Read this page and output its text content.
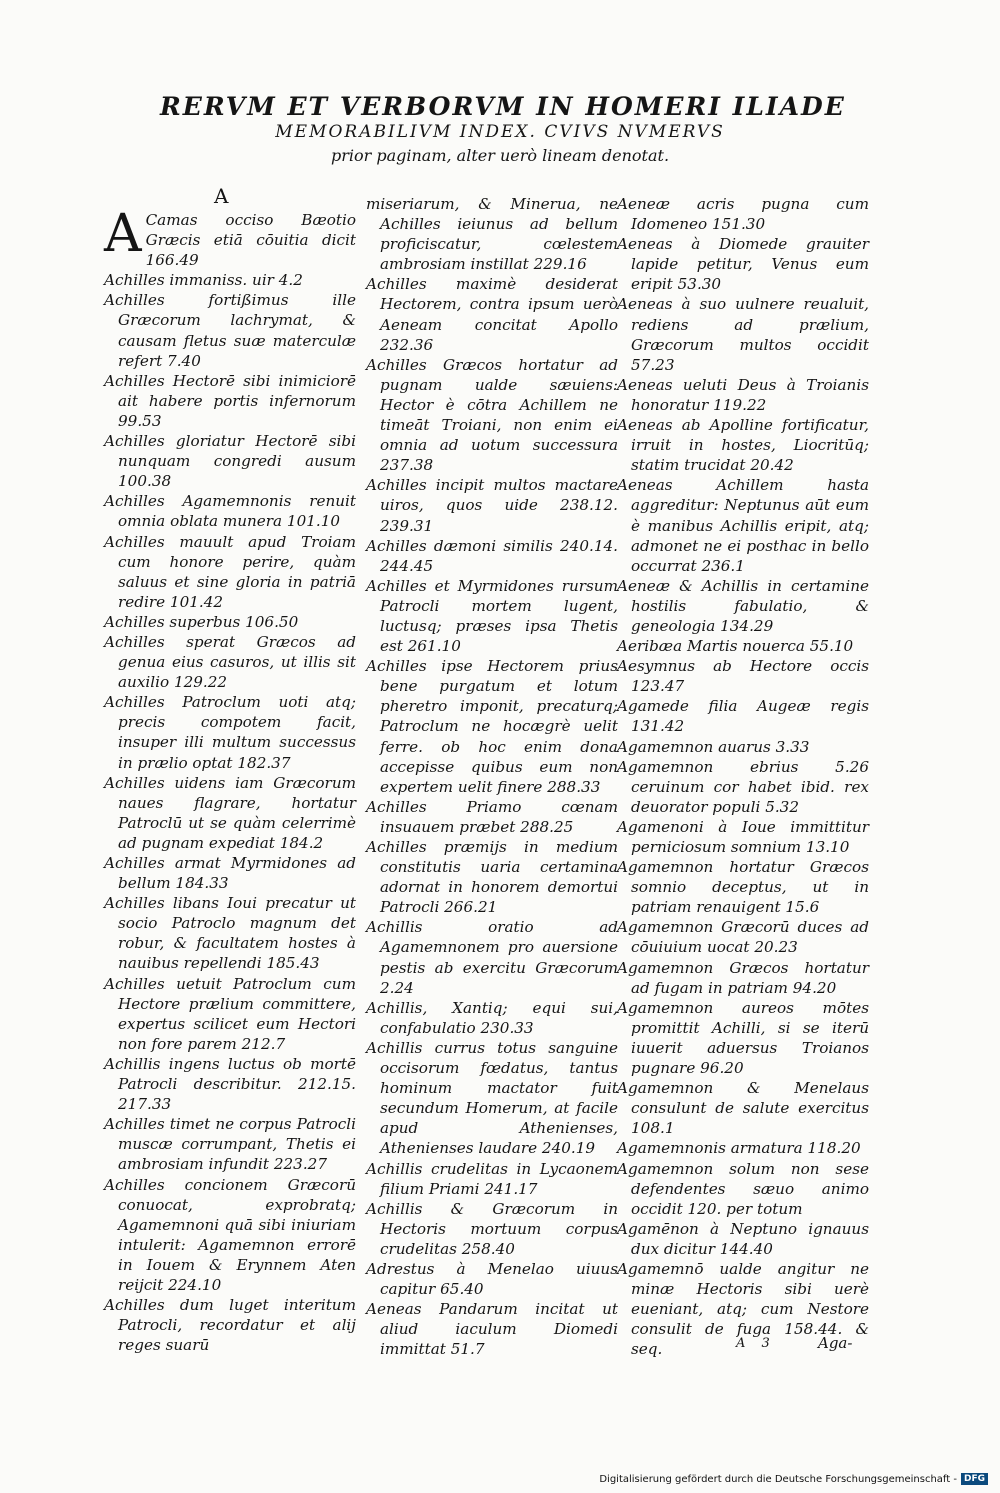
RERVM ET VERBORVM IN HOMERI ILIADE
MEMORABILIVM INDEX. CVIVS NVMERVS
prior paginam, alter uerò lineam denotat.
A

A Camas occiso Bæotio Græcis etiā cōuitia dicit 166.49

Achilles immaniss. uir 4.2

Achilles fortißimus ille Græcorum lachrymat, & causam fletus suæ materculæ refert 7.40

Achilles Hectorē sibi inimiciorē ait habere portis infernorum 99.53

Achilles gloriatur Hectorē sibi nunquam congredi ausum 100.38

Achilles Agamemnonis renuit omnia oblata munera 101.10

Achilles mauult apud Troiam cum honore perire, quàm saluus et sine gloria in patriā redire 101.42

Achilles superbus 106.50

Achilles sperat Græcos ad genua eius casuros, ut illis sit auxilio 129.22

Achilles Patroclum uoti atq; precis compotem facit, insuper illi multum successus in prælio optat 182.37

Achilles uidens iam Græcorum naues flagrare, hortatur Patroclū ut se quàm celerrimè ad pugnam expediat 184.2

Achilles armat Myrmidones ad bellum 184.33

Achilles libans Ioui precatur ut socio Patroclo magnum det robur, & facultatem hostes à nauibus repellendi 185.43

Achilles uetuit Patroclum cum Hectore prælium committere, expertus scilicet eum Hectori non fore parem 212.7

Achillis ingens luctus ob mortē Patrocli describitur. 212.15. 217.33

Achilles timet ne corpus Patrocli muscæ corrumpant, Thetis ei ambrosiam infundit 223.27

Achilles concionem Græcorū conuocat, exprobratq; Agamemnoni quā sibi iniuriam intulerit: Agamemnon errorē in Iouem & Erynnem Aten reijcit 224.10

Achilles dum luget interitum Patrocli, recordatur et alij reges suarū

miseriarum, & Minerua, ne Achilles ieiunus ad bellum proficiscatur, cœlestem ambrosiam instillat 229.16

Achilles maximè desiderat Hectorem, contra ipsum uerò Aeneam concitat Apollo 232.36

Achilles Græcos hortatur ad pugnam ualde sæuiens: Hector è cōtra Achillem ne timeāt Troiani, non enim ei omnia ad uotum successura 237.38

Achilles incipit multos mactare uiros, quos uide 238.12. 239.31

Achilles dæmoni similis 240.14. 244.45

Achilles et Myrmidones rursum Patrocli mortem lugent, luctusq; præses ipsa Thetis est 261.10

Achilles ipse Hectorem prius bene purgatum et lotum pheretro imponit, precaturq; Patroclum ne hocægrè uelit ferre. ob hoc enim dona accepisse quibus eum non expertem uelit finere 288.33

Achilles Priamo cœnam insuauem præbet 288.25

Achilles præmijs in medium constitutis uaria certamina adornat in honorem demortui Patrocli 266.21

Achillis oratio ad Agamemnonem pro auersione pestis ab exercitu Græcorum 2.24

Achillis, Xantiq; equi sui, confabulatio 230.33

Achillis currus totus sanguine occisorum fœdatus, tantus hominum mactator fuit secundum Homerum, at facile apud Athenienses, Athenienses laudare 240.19

Achillis crudelitas in Lycaonem filium Priami 241.17

Achillis & Græcorum in Hectoris mortuum corpus crudelitas 258.40

Adrestus à Menelao uiuus capitur 65.40

Aeneas Pandarum incitat ut aliud iaculum Diomedi immittat 51.7

Aeneæ acris pugna cum Idomeneo 151.30

Aeneas à Diomede grauiter lapide petitur, Venus eum eripit 53.30

Aeneas à suo uulnere reualuit, rediens ad prælium, Græcorum multos occidit 57.23

Aeneas ueluti Deus à Troianis honoratur 119.22

Aeneas ab Apolline fortificatur, irruit in hostes, Liocritūq; statim trucidat 20.42

Aeneas Achillem hasta aggreditur: Neptunus aūt eum è manibus Achillis eripit, atq; admonet ne ei posthac in bello occurrat 236.1

Aeneæ & Achillis in certamine hostilis fabulatio, & geneologia 134.29

Aeribæa Martis nouerca 55.10

Aesymnus ab Hectore occis 123.47

Agamede filia Augeæ regis 131.42

Agamemnon auarus 3.33

Agamemnon ebrius 5.26 ceruinum cor habet ibid. rex deuorator populi 5.32

Agamenoni à Ioue immittitur perniciosum somnium 13.10

Agamemnon hortatur Græcos somnio deceptus, ut in patriam renauigent 15.6

Agamemnon Græcorū duces ad cōuiuium uocat 20.23

Agamemnon Græcos hortatur ad fugam in patriam 94.20

Agamemnon aureos mōtes promittit Achilli, si se iterū iuuerit aduersus Troianos pugnare 96.20

Agamemnon & Menelaus consulunt de salute exercitus 108.1

Agamemnonis armatura 118.20

Agamemnon solum non sese defendentes sæuo animo occidit 120. per totum

Agamēnon à Neptuno ignauus dux dicitur 144.40

Agamemnō ualde angitur ne minæ Hectoris sibi uerè eueniant, atq; cum Nestore consulit de fuga 158.44. & seq.	A 3	Aga-
Digitalisierung gefördert durch die Deutsche Forschungsgemeinschaft - DFG
